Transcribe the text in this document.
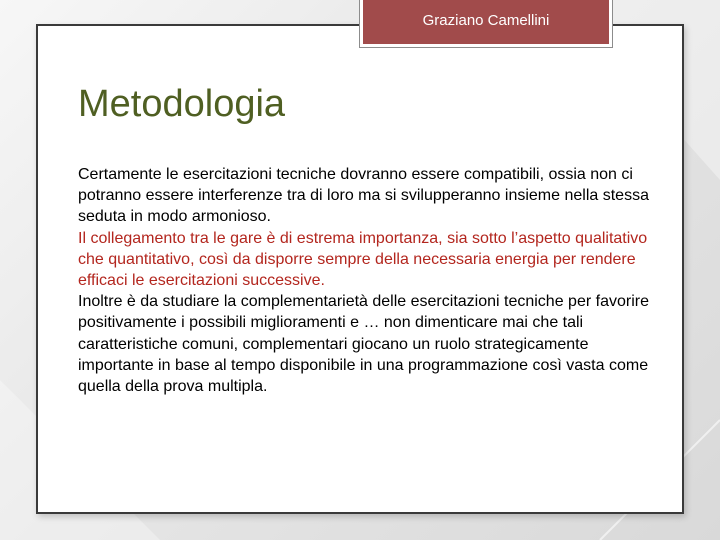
Graziano Camellini
Metodologia

Certamente le esercitazioni tecniche dovranno essere compatibili, ossia non ci potranno essere interferenze tra di loro ma si svilupperanno insieme nella stessa seduta in modo armonioso.

Il collegamento tra le gare è di estrema importanza, sia sotto l’aspetto qualitativo che quantitativo, così da disporre sempre della necessaria energia per rendere efficaci le esercitazioni successive.

Inoltre è da studiare la complementarietà delle esercitazioni tecniche per favorire positivamente i possibili miglioramenti e … non dimenticare mai che tali caratteristiche comuni, complementari giocano un ruolo strategicamente importante in base al tempo disponibile in una programmazione così vasta come quella della prova multipla.
